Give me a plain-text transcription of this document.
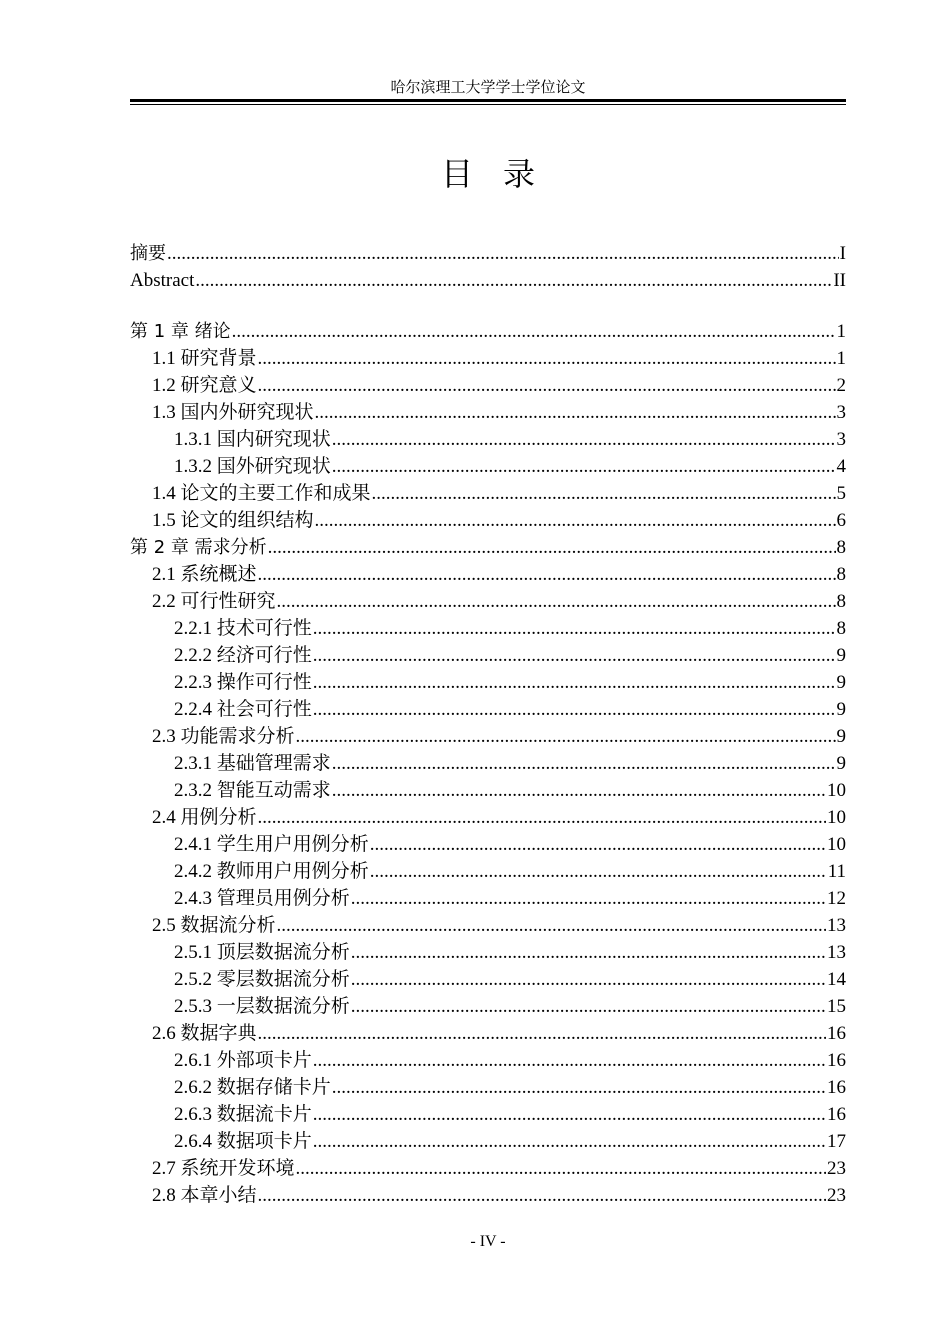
哈尔滨理工大学学士学位论文
目录
摘要 .....	I
Abstract .....	II
第 1 章 绪论 .....	1
1.1 研究背景 .....	1
1.2 研究意义 .....	2
1.3 国内外研究现状 .....	3
1.3.1 国内研究现状 .....	3
1.3.2 国外研究现状 .....	4
1.4 论文的主要工作和成果 .....	5
1.5 论文的组织结构 .....	6
第 2 章 需求分析 .....	8
2.1 系统概述 .....	8
2.2 可行性研究 .....	8
2.2.1 技术可行性 .....	8
2.2.2 经济可行性 .....	9
2.2.3 操作可行性 .....	9
2.2.4 社会可行性 .....	9
2.3 功能需求分析 .....	9
2.3.1 基础管理需求 .....	9
2.3.2 智能互动需求 .....	10
2.4 用例分析 .....	10
2.4.1 学生用户用例分析 .....	10
2.4.2 教师用户用例分析 .....	11
2.4.3 管理员用例分析 .....	12
2.5 数据流分析 .....	13
2.5.1 顶层数据流分析 .....	13
2.5.2 零层数据流分析 .....	14
2.5.3 一层数据流分析 .....	15
2.6 数据字典 .....	16
2.6.1 外部项卡片 .....	16
2.6.2 数据存储卡片 .....	16
2.6.3 数据流卡片 .....	16
2.6.4 数据项卡片 .....	17
2.7 系统开发环境 .....	23
2.8 本章小结 .....	23
- IV -
